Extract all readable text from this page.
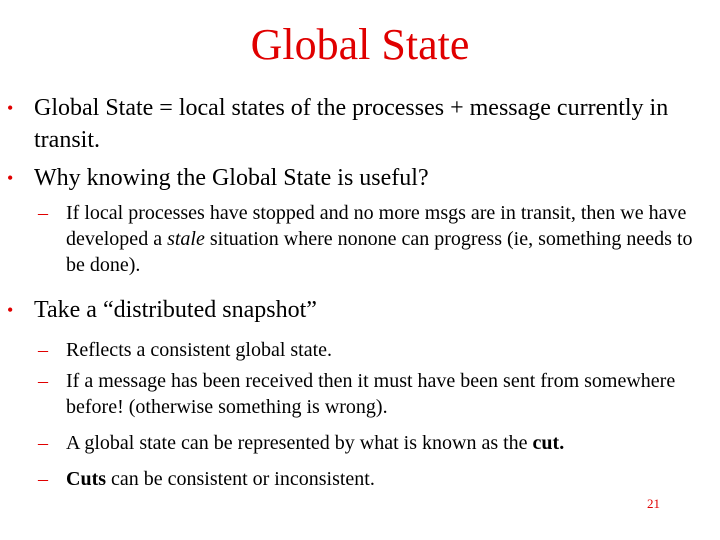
Global State
• Global State = local states of the processes + message currently in transit.
• Why knowing the Global State is useful?
– If local processes have stopped and no more msgs are in transit, then we have developed a stale situation where nonone can progress (ie, something needs to be done).
• Take a “distributed snapshot”
– Reflects a consistent global state.
– If a message has been received then it must have been sent from somewhere before! (otherwise something is wrong).
– A global state can be represented by what is known as the cut.
– Cuts can be consistent or inconsistent.
21
